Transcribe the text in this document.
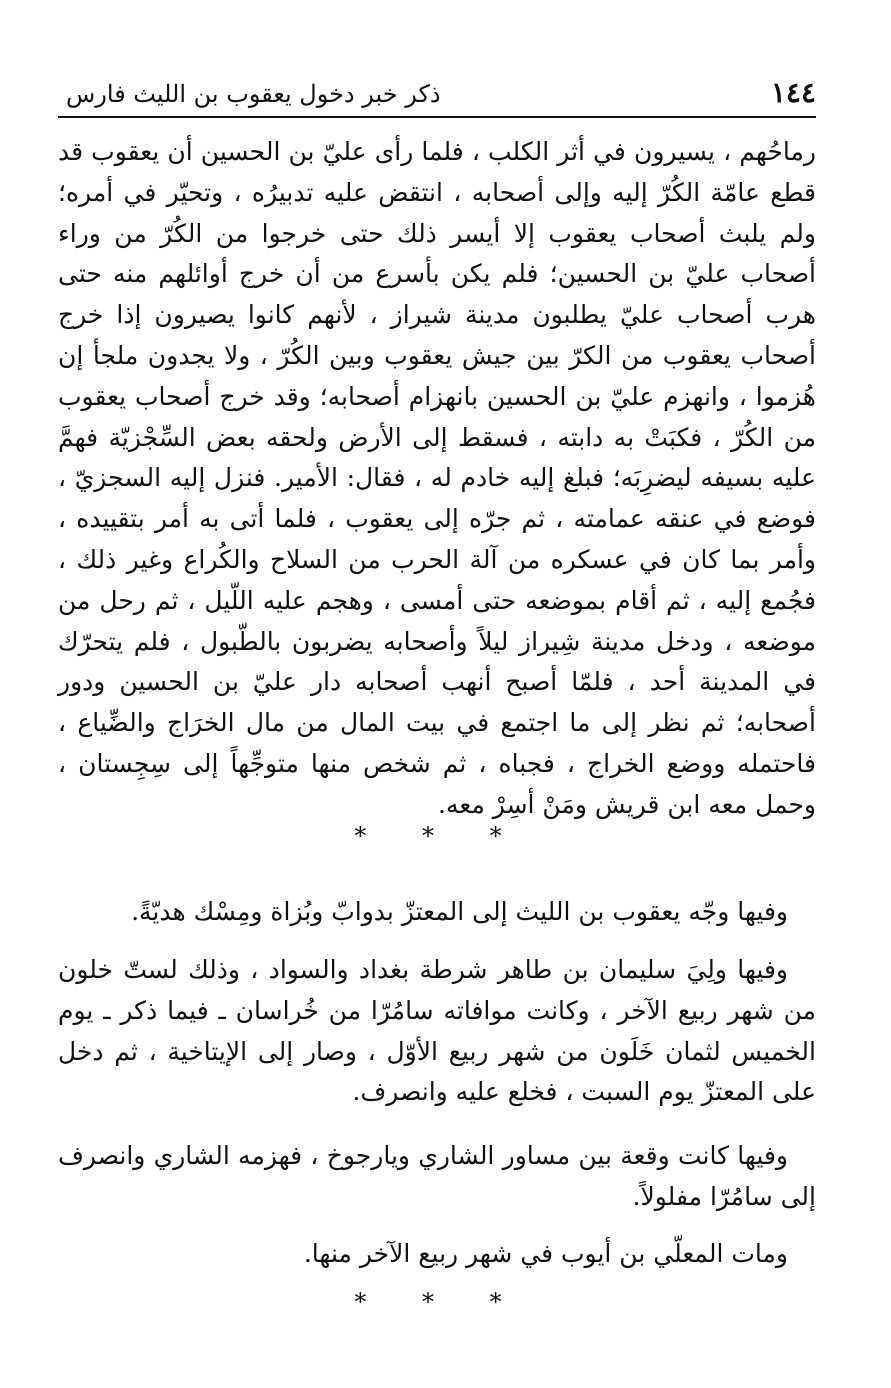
١٤٤
ذكر خبر دخول يعقوب بن الليث فارس

رماحُهم ، يسيرون في أثر الكلب ، فلما رأى عليّ بن الحسين أن يعقوب قد قطع عامّة الكُرّ إليه وإلى أصحابه ، انتقض عليه تدبيرُه ، وتحيّر في أمره؛ ولم يلبث أصحاب يعقوب إلا أيسر ذلك حتى خرجوا من الكُرّ من وراء أصحاب عليّ بن الحسين؛ فلم يكن بأسرع من أن خرج أوائلهم منه حتى هرب أصحاب عليّ يطلبون مدينة شيراز ، لأنهم كانوا يصيرون إذا خرج أصحاب يعقوب من الكرّ بين جيش يعقوب وبين الكُرّ ، ولا يجدون ملجأ إن هُزموا ، وانهزم عليّ بن الحسين بانهزام أصحابه؛ وقد خرج أصحاب يعقوب من الكُرّ ، فكبَتْ به دابته ، فسقط إلى الأرض ولحقه بعض السِّجْزيّة فهمَّ عليه بسيفه ليضرِبَه؛ فبلغ إليه خادم له ، فقال: الأمير. فنزل إليه السجزيّ ، فوضع في عنقه عمامته ، ثم جرّه إلى يعقوب ، فلما أتى به أمر بتقييده ، وأمر بما كان في عسكره من آلة الحرب من السلاح والكُراع وغير ذلك ، فجُمع إليه ، ثم أقام بموضعه حتى أمسى ، وهجم عليه اللّيل ، ثم رحل من موضعه ، ودخل مدينة شِيراز ليلاً وأصحابه يضربون بالطّبول ، فلم يتحرّك في المدينة أحد ، فلمّا أصبح أنهب أصحابه دار عليّ بن الحسين ودور أصحابه؛ ثم نظر إلى ما اجتمع في بيت المال من مال الخرَاج والضِّياع ، فاحتمله ووضع الخراج ، فجباه ، ثم شخص منها متوجِّهاً إلى سِجِستان ، وحمل معه ابن قريش ومَنْ أسِرْ معه.

* * *

وفيها وجّه يعقوب بن الليث إلى المعتزّ بدوابّ وبُزاة ومِسْك هديّةً.

وفيها ولِيَ سليمان بن طاهر شرطة بغداد والسواد ، وذلك لستّ خلون من شهر ربيع الآخر ، وكانت موافاته سامُرّا من خُراسان ـ فيما ذكر ـ يوم الخميس لثمان خَلَون من شهر ربيع الأوّل ، وصار إلى الإيتاخية ، ثم دخل على المعتزّ يوم السبت ، فخلع عليه وانصرف.

وفيها كانت وقعة بين مساور الشاري ويارجوخ ، فهزمه الشاري وانصرف إلى سامُرّا مفلولاً.

ومات المعلّي بن أيوب في شهر ربيع الآخر منها.

* * *
